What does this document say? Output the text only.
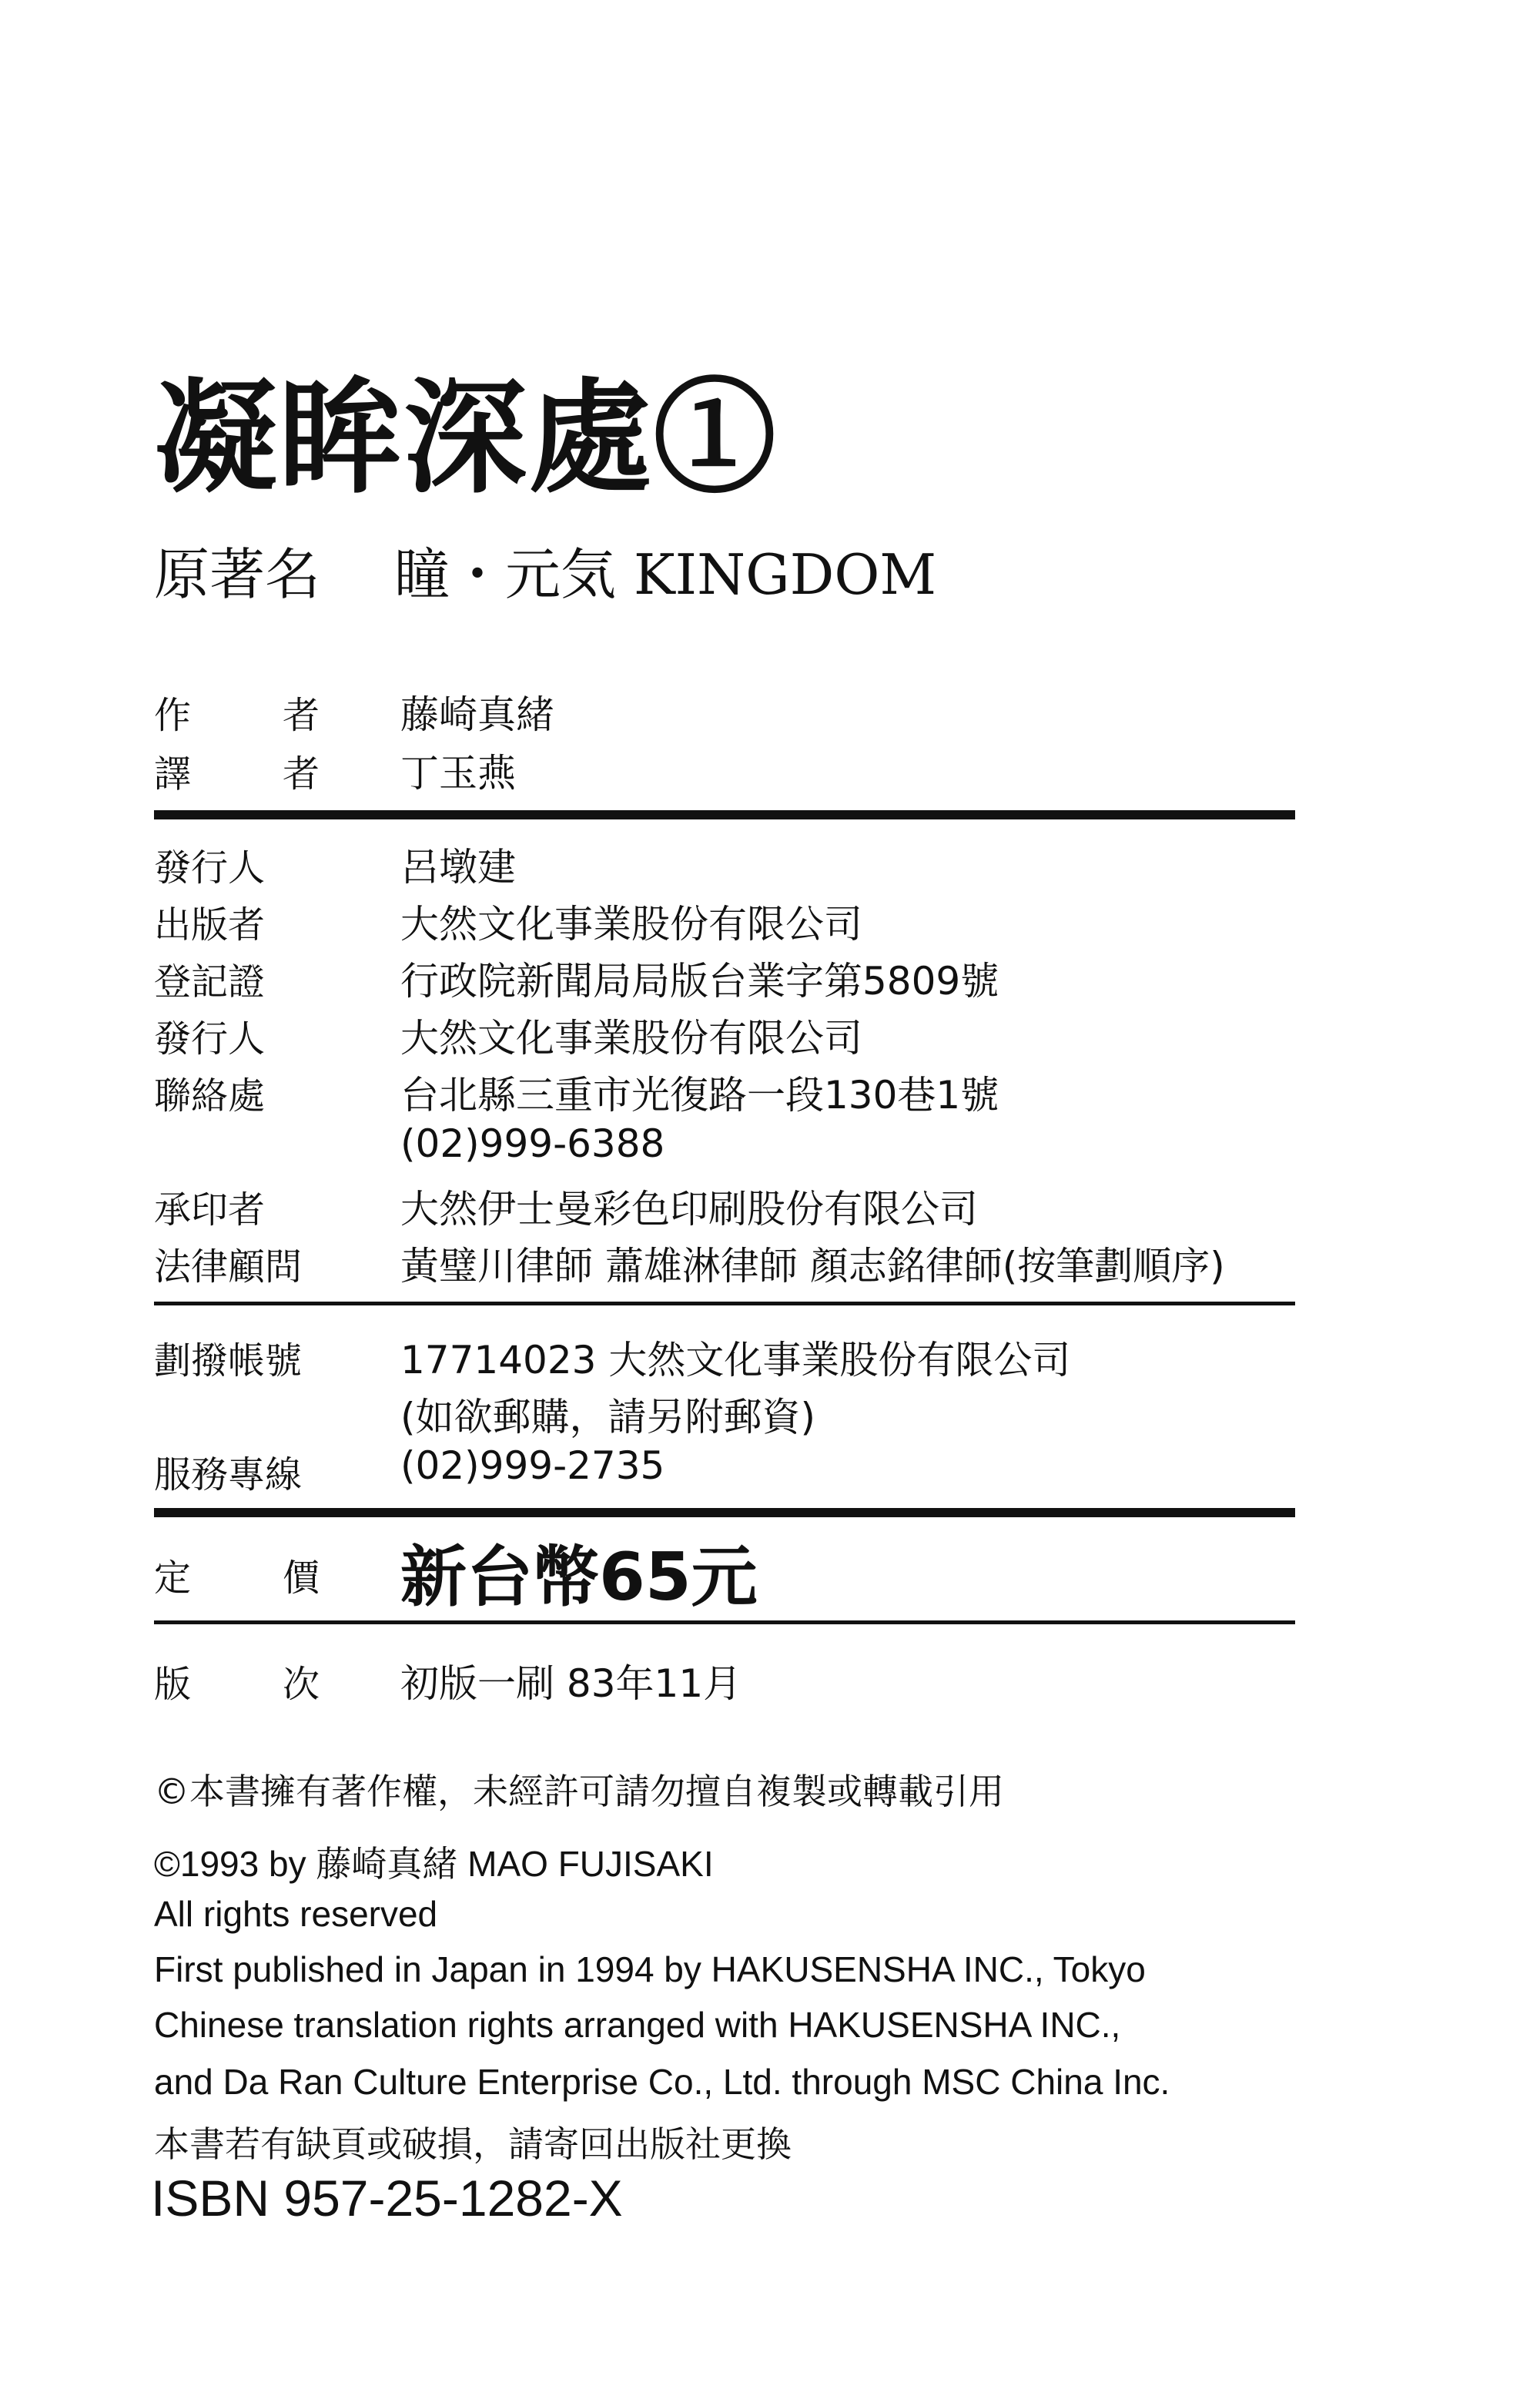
凝眸深處①
原著名 瞳・元気 KINGDOM
作 者 藤崎真緒
譯 者 丁玉燕
發行人	呂墩建
出版者	大然文化事業股份有限公司
登記證	行政院新聞局局版台業字第5809號
發行人	大然文化事業股份有限公司
聯絡處	台北縣三重市光復路一段130巷1號
(02)999-6388
承印者	大然伊士曼彩色印刷股份有限公司
法律顧問	黃璧川律師 蕭雄淋律師 顏志銘律師(按筆劃順序)
劃撥帳號	17714023 大然文化事業股份有限公司
(如欲郵購，請另附郵資)
服務專線	(02)999-2735
定 價 新台幣65元
版 次 初版一刷 83年11月
©本書擁有著作權，未經許可請勿擅自複製或轉載引用
©1993 by 藤崎真緒 MAO FUJISAKI
All rights reserved
First published in Japan in 1994 by HAKUSENSHA INC., Tokyo
Chinese translation rights arranged with HAKUSENSHA INC.,
and Da Ran Culture Enterprise Co., Ltd. through MSC China Inc.
本書若有缺頁或破損，請寄回出版社更換
ISBN 957-25-1282-X
